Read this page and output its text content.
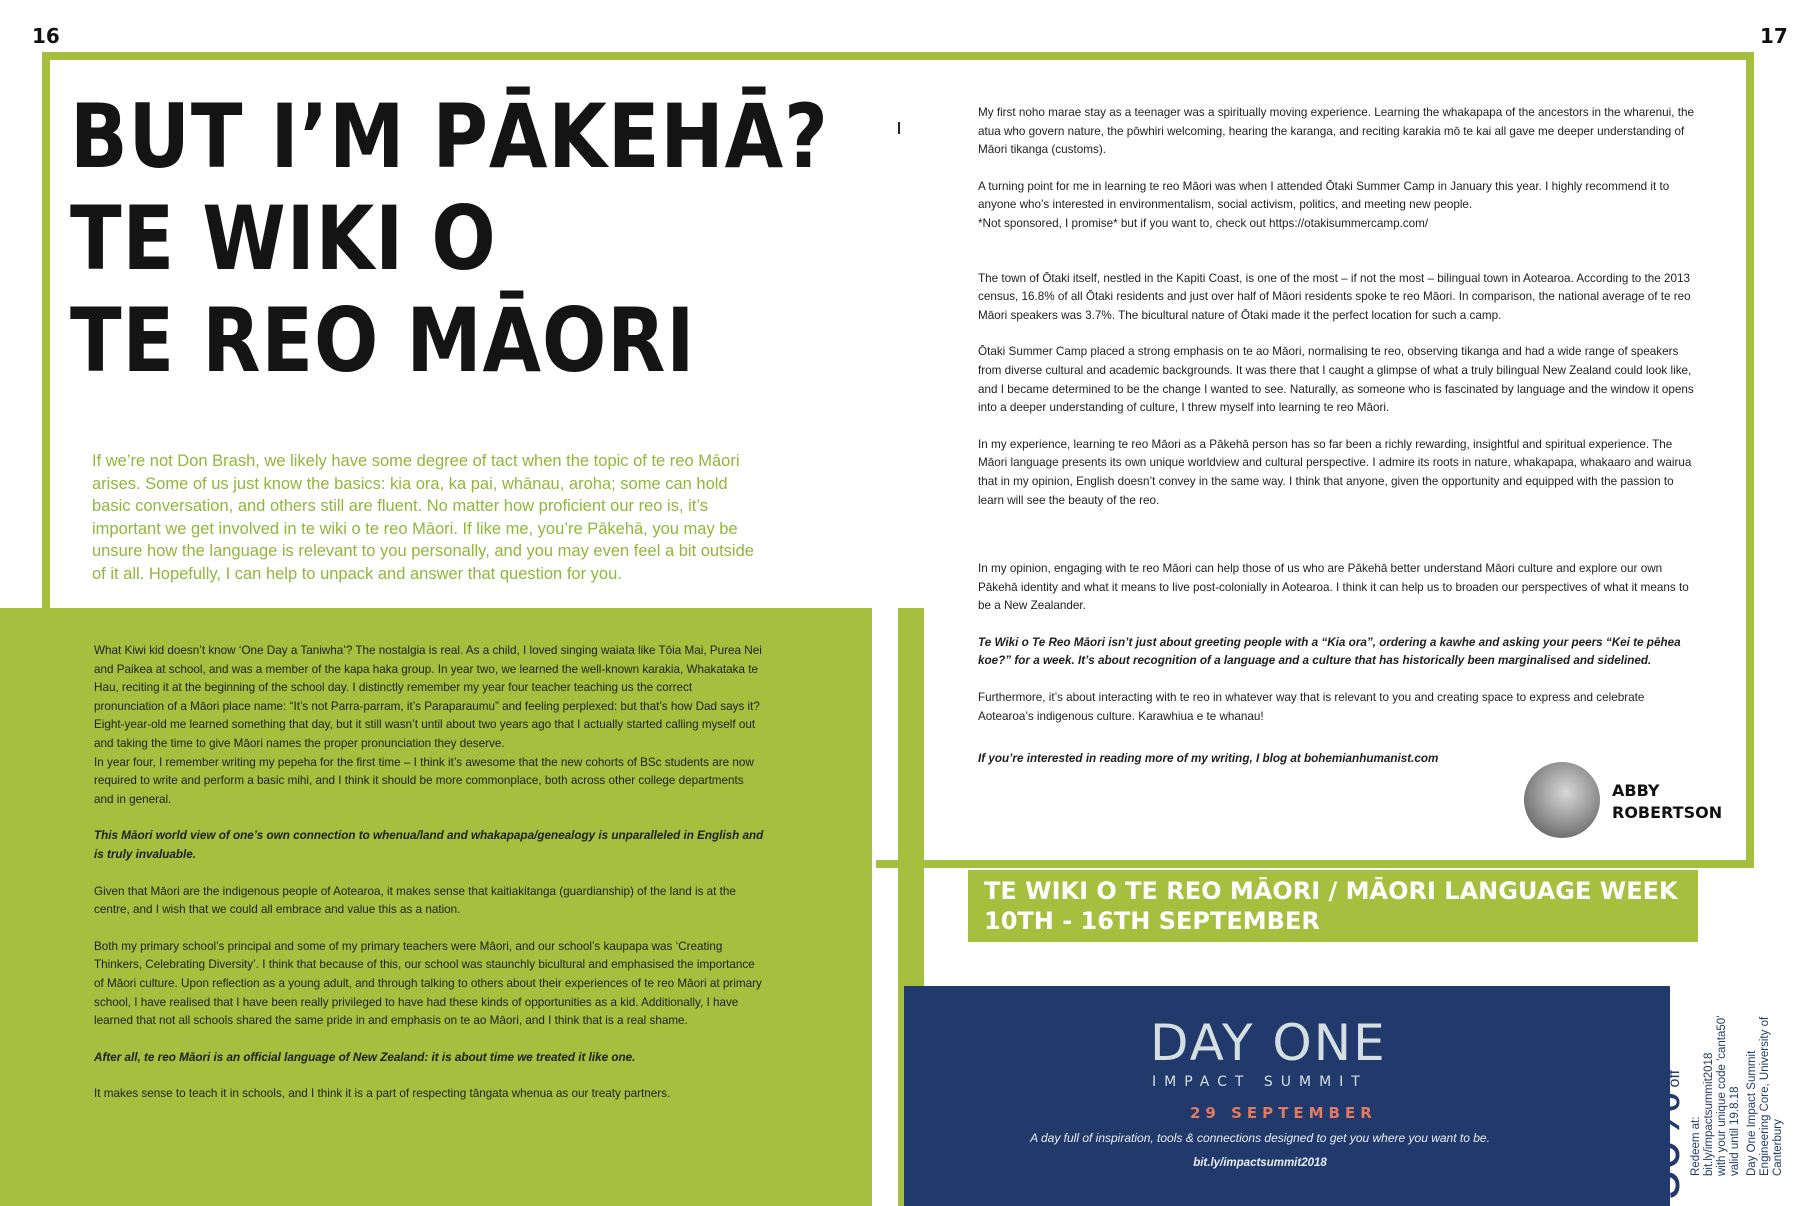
16	17
BUT I’M PĀKEHĀ?
TE WIKI O
TE REO MĀORI
If we’re not Don Brash, we likely have some degree of tact when the topic of te reo Māori arises. Some of us just know the basics: kia ora, ka pai, whānau, aroha; some can hold basic conversation, and others still are fluent. No matter how proficient our reo is, it’s important we get involved in te wiki o te reo Māori. If like me, you’re Pākehā, you may be unsure how the language is relevant to you personally, and you may even feel a bit outside of it all. Hopefully, I can help to unpack and answer that question for you.

What Kiwi kid doesn’t know ‘One Day a Taniwha’? The nostalgia is real. As a child, I loved singing waiata like Tōia Mai, Purea Nei and Paikea at school, and was a member of the kapa haka group. In year two, we learned the well-known karakia, Whakataka te Hau, reciting it at the beginning of the school day. I distinctly remember my year four teacher teaching us the correct pronunciation of a Māori place name: “It’s not Parra-parram, it’s Paraparaumu” and feeling perplexed: but that’s how Dad says it? Eight-year-old me learned something that day, but it still wasn’t until about two years ago that I actually started calling myself out and taking the time to give Māori names the proper pronunciation they deserve.

In year four, I remember writing my pepeha for the first time – I think it’s awesome that the new cohorts of BSc students are now required to write and perform a basic mihi, and I think it should be more commonplace, both across other college departments and in general.

This Māori world view of one’s own connection to whenua/land and whakapapa/genealogy is unparalleled in English and is truly invaluable.

Given that Māori are the indigenous people of Aotearoa, it makes sense that kaitiakitanga (guardianship) of the land is at the centre, and I wish that we could all embrace and value this as a nation.

Both my primary school’s principal and some of my primary teachers were Māori, and our school’s kaupapa was ‘Creating Thinkers, Celebrating Diversity’. I think that because of this, our school was staunchly bicultural and emphasised the importance of Māori culture. Upon reflection as a young adult, and through talking to others about their experiences of te reo Māori at primary school, I have realised that I have been really privileged to have had these kinds of opportunities as a kid. Additionally, I have learned that not all schools shared the same pride in and emphasis on te ao Māori, and I think that is a real shame.

After all, te reo Māori is an official language of New Zealand: it is about time we treated it like one.

It makes sense to teach it in schools, and I think it is a part of respecting tāngata whenua as our treaty partners.

My first noho marae stay as a teenager was a spiritually moving experience. Learning the whakapapa of the ancestors in the wharenui, the atua who govern nature, the pōwhiri welcoming, hearing the karanga, and reciting karakia mō te kai all gave me deeper understanding of Māori tikanga (customs).

A turning point for me in learning te reo Māori was when I attended Ōtaki Summer Camp in January this year. I highly recommend it to anyone who’s interested in environmentalism, social activism, politics, and meeting new people.

*Not sponsored, I promise* but if you want to, check out https://otakisummercamp.com/

The town of Ōtaki itself, nestled in the Kapiti Coast, is one of the most – if not the most – bilingual town in Aotearoa. According to the 2013 census, 16.8% of all Ōtaki residents and just over half of Māori residents spoke te reo Māori. In comparison, the national average of te reo Māori speakers was 3.7%. The bicultural nature of Ōtaki made it the perfect location for such a camp.

Ōtaki Summer Camp placed a strong emphasis on te ao Māori, normalising te reo, observing tikanga and had a wide range of speakers from diverse cultural and academic backgrounds. It was there that I caught a glimpse of what a truly bilingual New Zealand could look like, and I became determined to be the change I wanted to see. Naturally, as someone who is fascinated by language and the window it opens into a deeper understanding of culture, I threw myself into learning te reo Māori.

In my experience, learning te reo Māori as a Pākehā person has so far been a richly rewarding, insightful and spiritual experience. The Māori language presents its own unique worldview and cultural perspective. I admire its roots in nature, whakapapa, whakaaro and wairua that in my opinion, English doesn’t convey in the same way. I think that anyone, given the opportunity and equipped with the passion to learn will see the beauty of the reo.

In my opinion, engaging with te reo Māori can help those of us who are Pākehā better understand Māori culture and explore our own Pākehā identity and what it means to live post-colonially in Aotearoa. I think it can help us to broaden our perspectives of what it means to be a New Zealander.

Te Wiki o Te Reo Māori isn’t just about greeting people with a “Kia ora”, ordering a kawhe and asking your peers “Kei te pēhea koe?” for a week. It’s about recognition of a language and a culture that has historically been marginalised and sidelined.

Furthermore, it’s about interacting with te reo in whatever way that is relevant to you and creating space to express and celebrate Aotearoa’s indigenous culture. Karawhiua e te whanau!

If you’re interested in reading more of my writing, I blog at bohemianhumanist.com

ABBY
ROBERTSON
TE WIKI O TE REO MĀORI / MĀORI LANGUAGE WEEK
10TH - 16TH SEPTEMBER
DAY ONE
IMPACT SUMMIT
29 SEPTEMBER
A day full of inspiration, tools & connections designed to get you where you want to be.
bit.ly/impactsummit2018	50% off
Redeem at: bit.ly/impactsummit2018 with your unique code 'canta50' valid until 19.8.18 Day One Impact Summit Engineering Core, University of Canterbury
